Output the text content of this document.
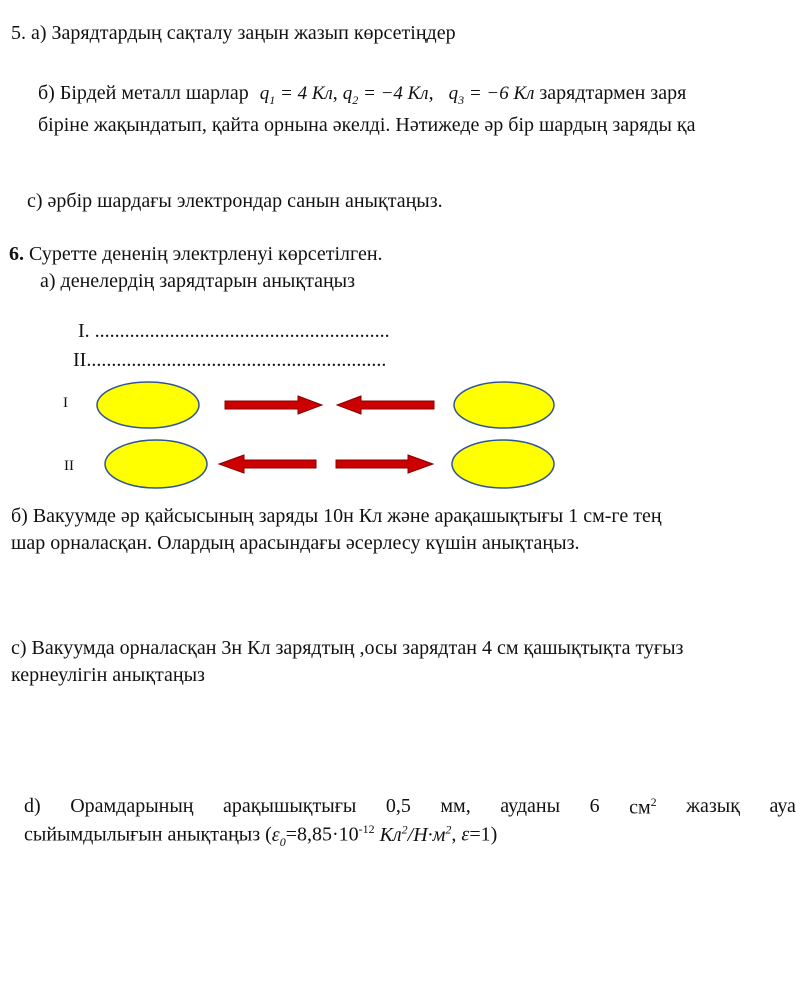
5. а) Зарядтардың сақталу заңын жазып көрсетіңдер
б) Бірдей металл шарлар $q_1 = 4$ Кл, $q_2 = -4$ Кл, $q_3 = -6$ Кл зарядтармен заря
біріне жақындатып, қайта орнына әкелді. Нәтижеде әр бір шардың заряды қа
с) әрбір шардағы электрондар санын анықтаңыз.
6. Суретте дененің электрленуі көрсетілген.
а) денелердің зарядтарын анықтаңыз
I. ...........................................................
II............................................................
I
II
б) Вакуумде әр қайсысының заряды 10н Кл және арақашықтығы 1 см-ге тең
шар орналасқан. Олардың арасындағы әсерлесу күшін анықтаңыз.
с) Вакуумда орналасқан 3н Кл зарядтың ,осы зарядтан 4 см қашықтықта туғыз
кернеулігін анықтаңыз
d) Орамдарының арақышықтығы 0,5 мм, ауданы 6 $см^2$ жазық ауа
сыйымдылығын анықтаңыз ($\varepsilon_0=8,85\cdot 10^{-12}$ $Кл^2/Н\cdot м^2$, ε=1)
